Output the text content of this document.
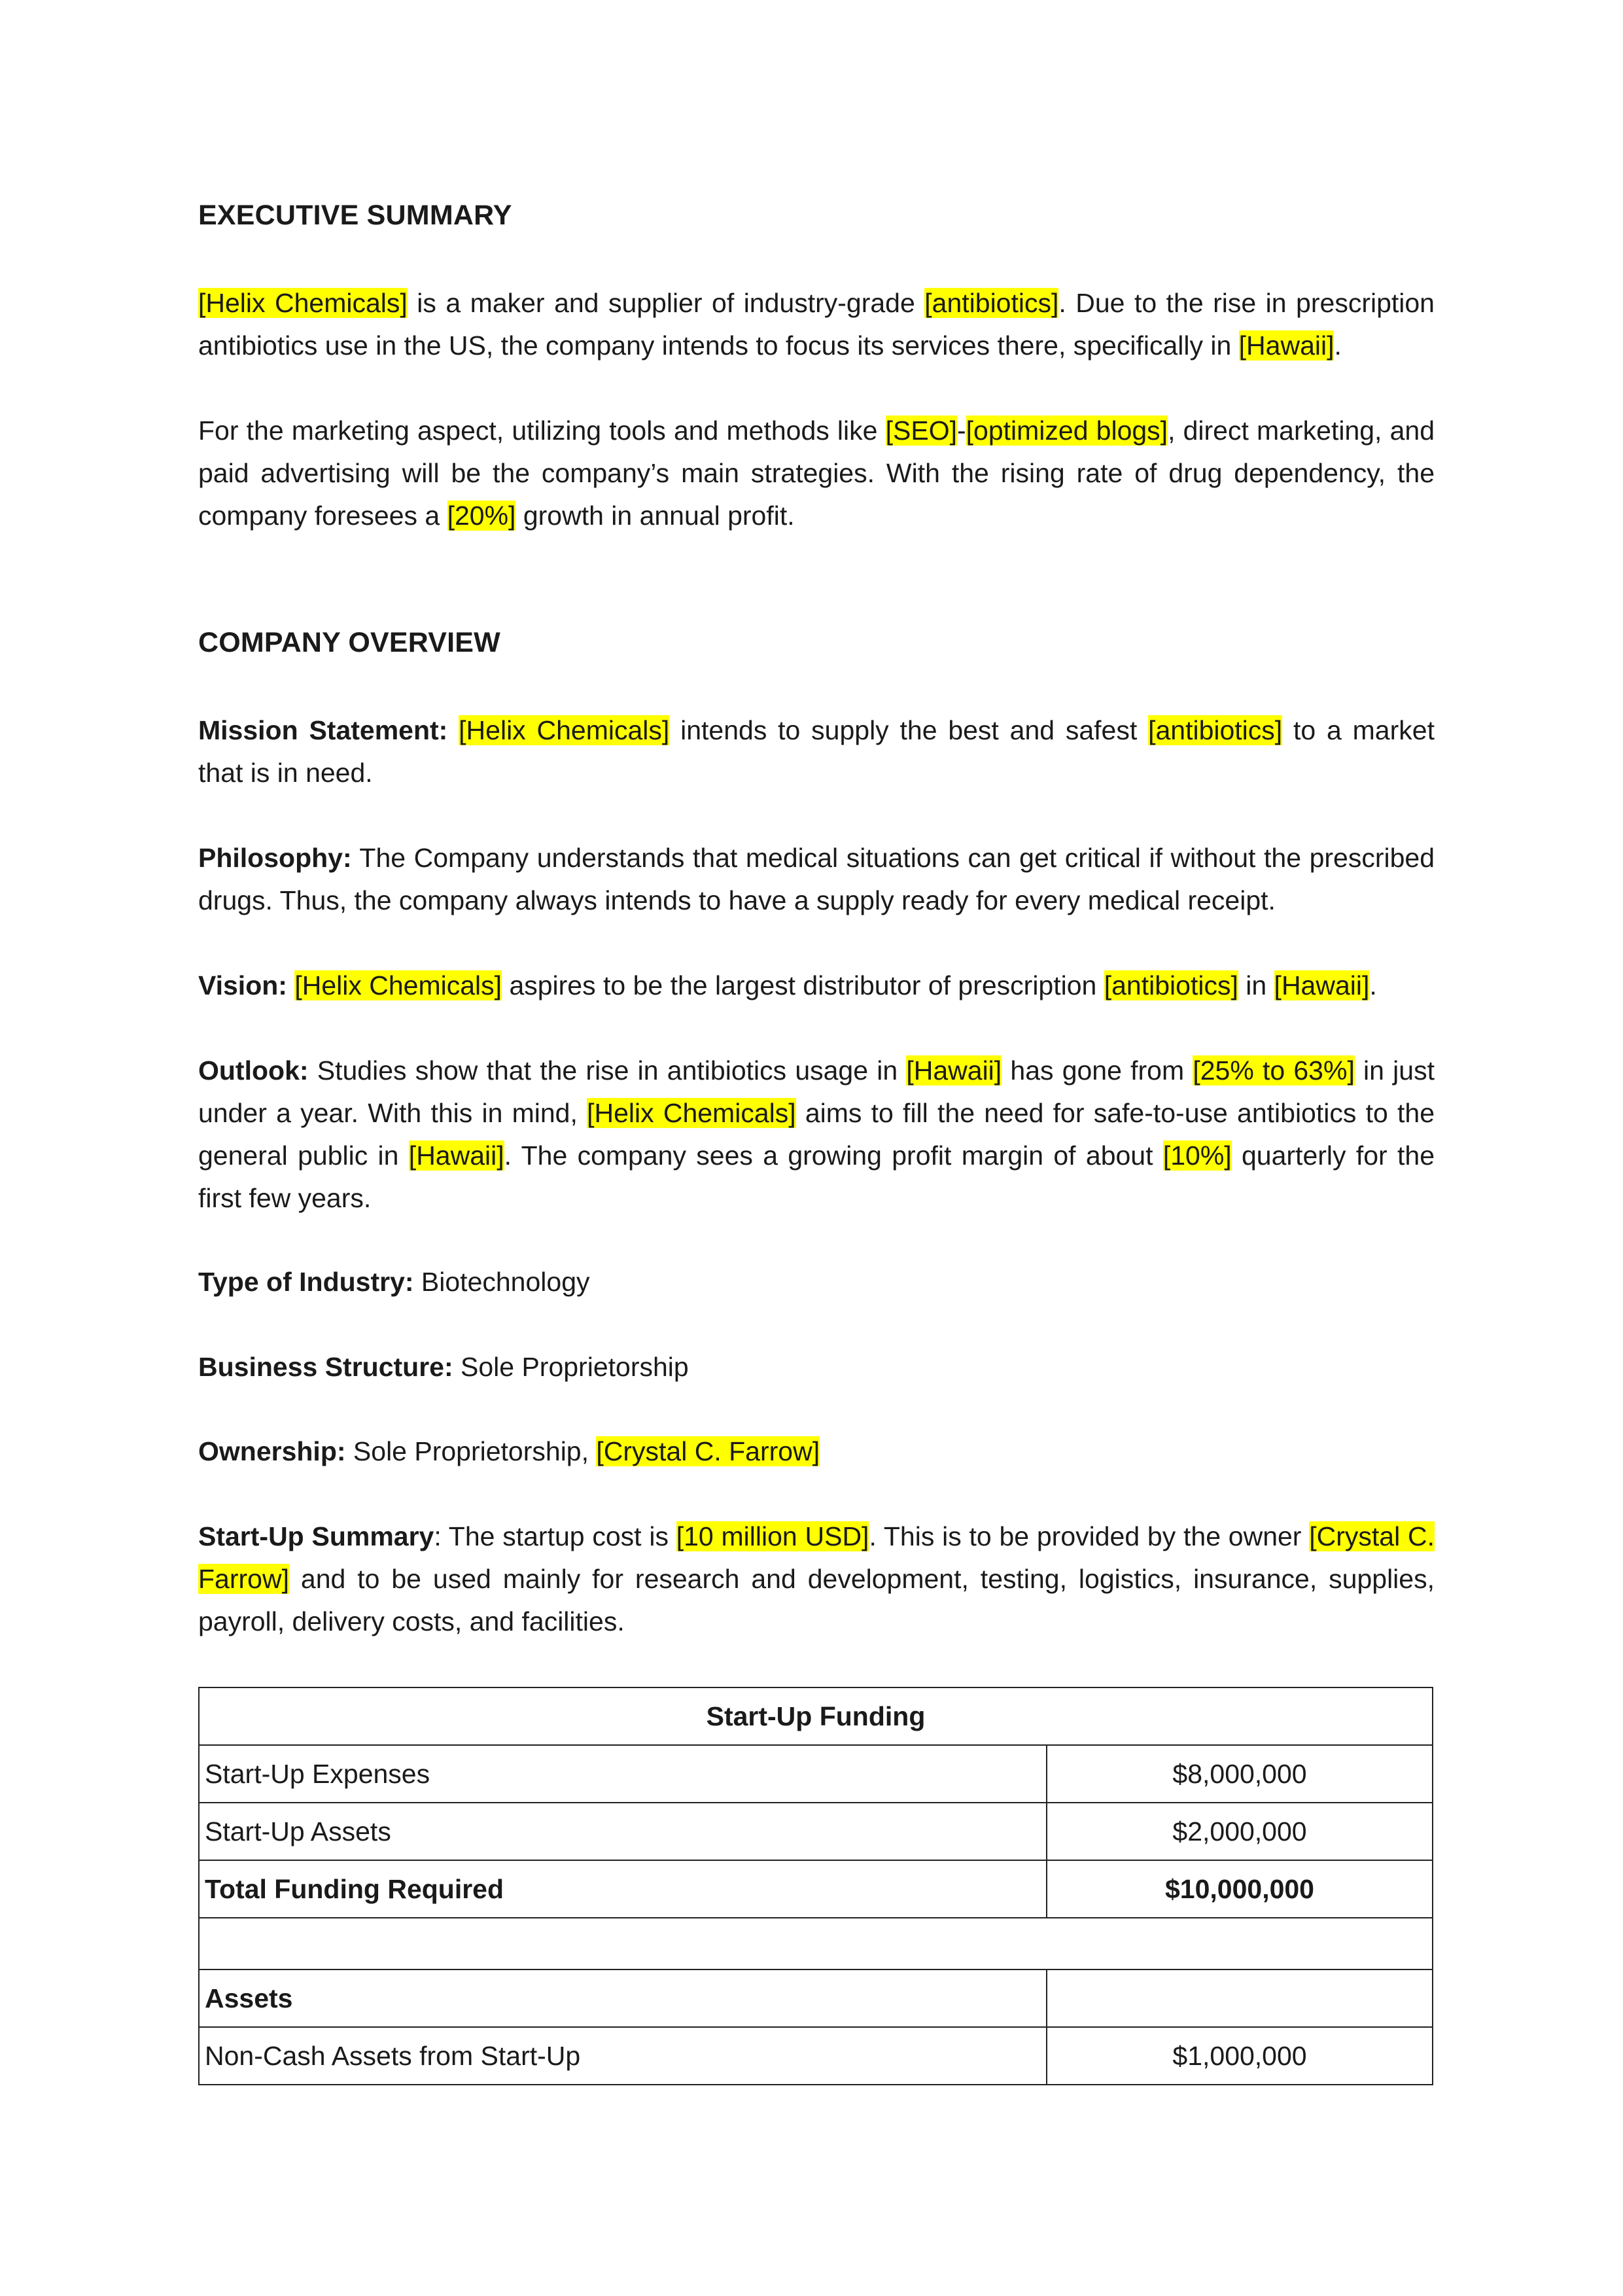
EXECUTIVE SUMMARY
[Helix Chemicals] is a maker and supplier of industry-grade [antibiotics]. Due to the rise in prescription antibiotics use in the US, the company intends to focus its services there, specifically in [Hawaii].
For the marketing aspect, utilizing tools and methods like [SEO]-[optimized blogs], direct marketing, and paid advertising will be the company’s main strategies. With the rising rate of drug dependency, the company foresees a [20%] growth in annual profit.
COMPANY OVERVIEW
Mission Statement: [Helix Chemicals] intends to supply the best and safest [antibiotics] to a market that is in need.
Philosophy: The Company understands that medical situations can get critical if without the prescribed drugs. Thus, the company always intends to have a supply ready for every medical receipt.
Vision: [Helix Chemicals] aspires to be the largest distributor of prescription [antibiotics] in [Hawaii].
Outlook: Studies show that the rise in antibiotics usage in [Hawaii] has gone from [25% to 63%] in just under a year. With this in mind, [Helix Chemicals] aims to fill the need for safe-to-use antibiotics to the general public in [Hawaii]. The company sees a growing profit margin of about [10%] quarterly for the first few years.
Type of Industry: Biotechnology
Business Structure: Sole Proprietorship
Ownership: Sole Proprietorship, [Crystal C. Farrow]
Start-Up Summary: The startup cost is [10 million USD]. This is to be provided by the owner [Crystal C. Farrow] and to be used mainly for research and development, testing, logistics, insurance, supplies, payroll, delivery costs, and facilities.
Start-Up Funding	
Start-Up Expenses	$8,000,000
Start-Up Assets	$2,000,000
Total Funding Required	$10,000,000

Assets	
Non-Cash Assets from Start-Up	$1,000,000
